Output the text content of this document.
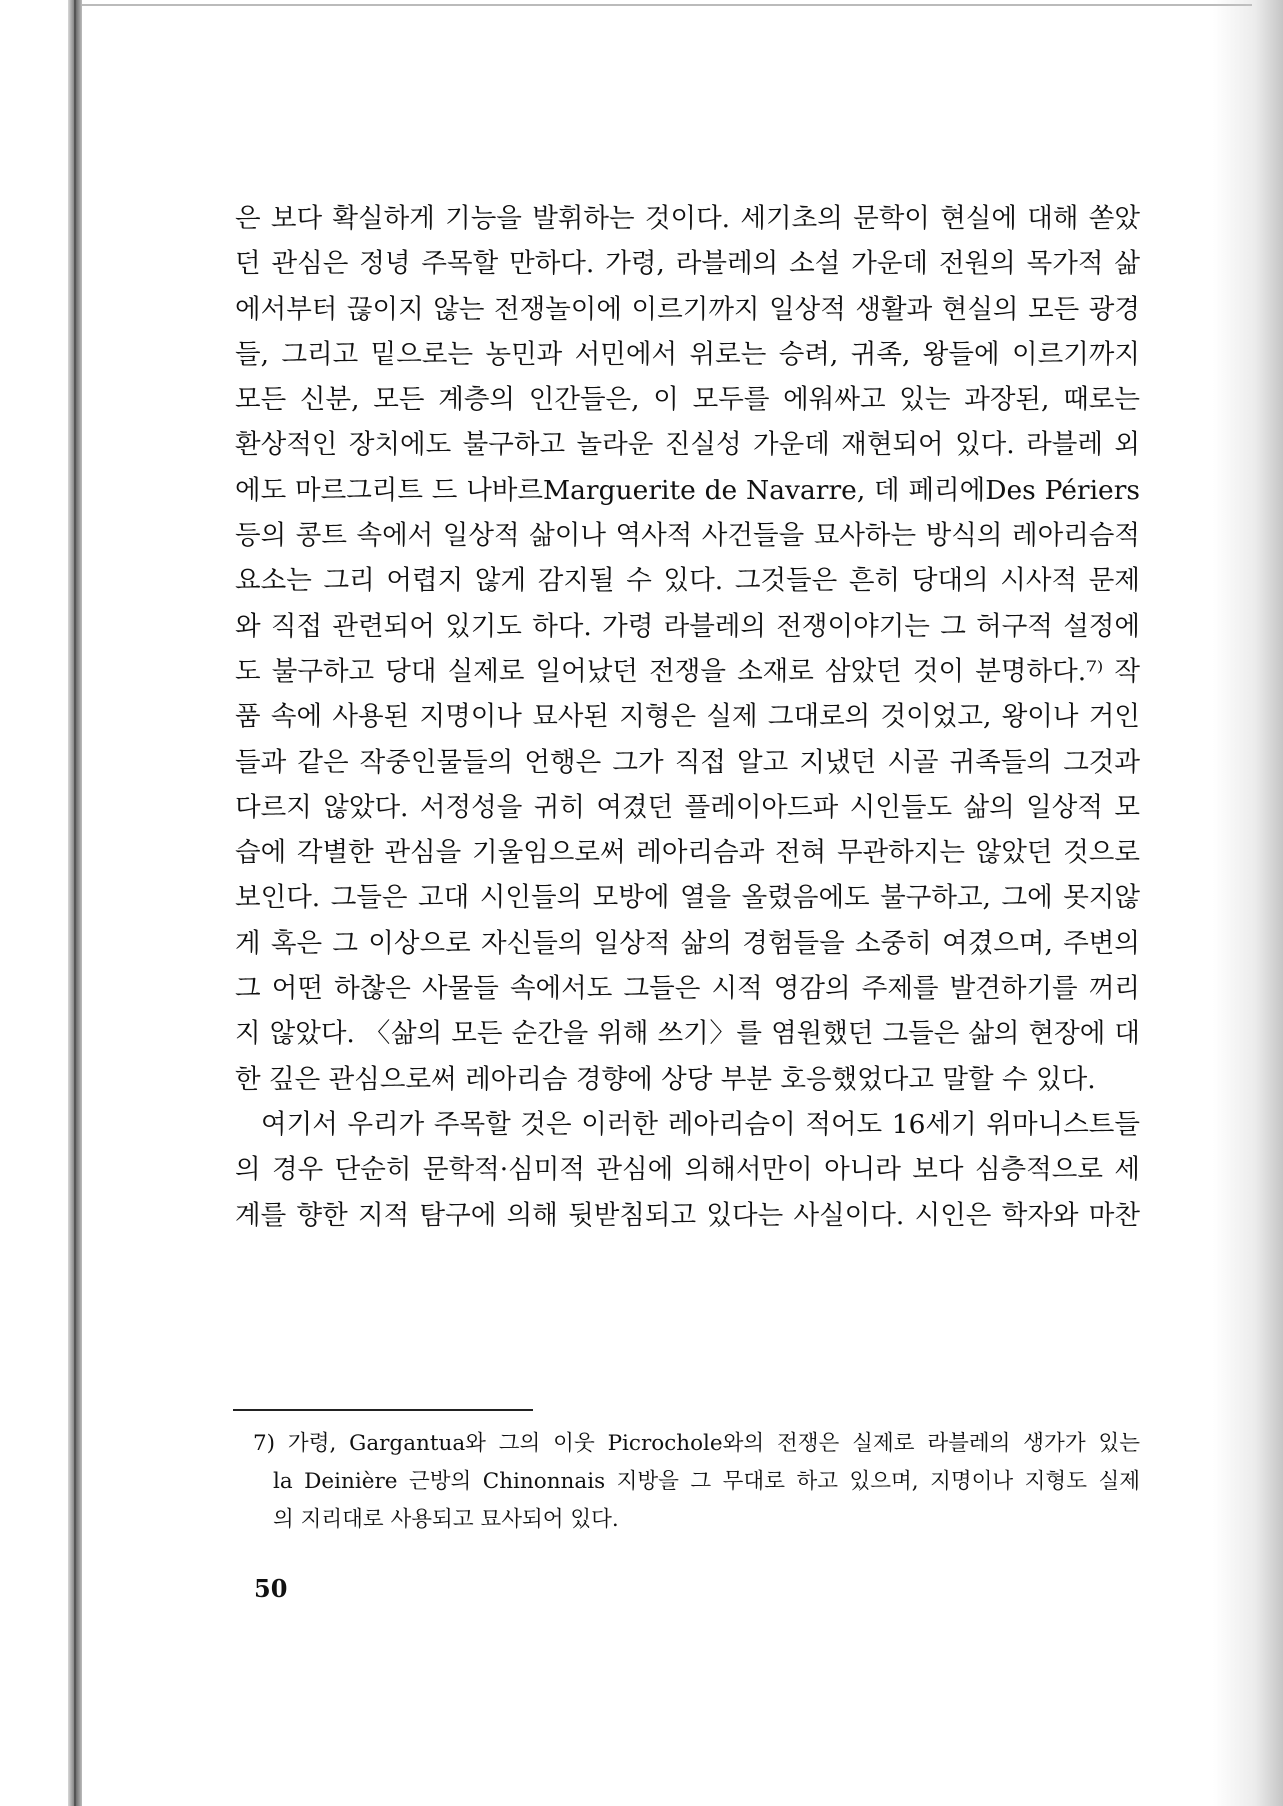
은 보다 확실하게 기능을 발휘하는 것이다. 세기초의 문학이 현실에 대해 쏟았
던 관심은 정녕 주목할 만하다. 가령, 라블레의 소설 가운데 전원의 목가적 삶
에서부터 끊이지 않는 전쟁놀이에 이르기까지 일상적 생활과 현실의 모든 광경
들, 그리고 밑으로는 농민과 서민에서 위로는 승려, 귀족, 왕들에 이르기까지
모든 신분, 모든 계층의 인간들은, 이 모두를 에워싸고 있는 과장된, 때로는
환상적인 장치에도 불구하고 놀라운 진실성 가운데 재현되어 있다. 라블레 외
에도 마르그리트 드 나바르Marguerite de Navarre, 데 페리에Des Périers
등의 콩트 속에서 일상적 삶이나 역사적 사건들을 묘사하는 방식의 레아리슴적
요소는 그리 어렵지 않게 감지될 수 있다. 그것들은 흔히 당대의 시사적 문제
와 직접 관련되어 있기도 하다. 가령 라블레의 전쟁이야기는 그 허구적 설정에
도 불구하고 당대 실제로 일어났던 전쟁을 소재로 삼았던 것이 분명하다.⁷⁾ 작
품 속에 사용된 지명이나 묘사된 지형은 실제 그대로의 것이었고, 왕이나 거인
들과 같은 작중인물들의 언행은 그가 직접 알고 지냈던 시골 귀족들의 그것과
다르지 않았다. 서정성을 귀히 여겼던 플레이아드파 시인들도 삶의 일상적 모
습에 각별한 관심을 기울임으로써 레아리슴과 전혀 무관하지는 않았던 것으로
보인다. 그들은 고대 시인들의 모방에 열을 올렸음에도 불구하고, 그에 못지않
게 혹은 그 이상으로 자신들의 일상적 삶의 경험들을 소중히 여겼으며, 주변의
그 어떤 하찮은 사물들 속에서도 그들은 시적 영감의 주제를 발견하기를 꺼리
지 않았다. 〈삶의 모든 순간을 위해 쓰기〉를 염원했던 그들은 삶의 현장에 대
한 깊은 관심으로써 레아리슴 경향에 상당 부분 호응했었다고 말할 수 있다.
여기서 우리가 주목할 것은 이러한 레아리슴이 적어도 16세기 위마니스트들
의 경우 단순히 문학적·심미적 관심에 의해서만이 아니라 보다 심층적으로 세
계를 향한 지적 탐구에 의해 뒷받침되고 있다는 사실이다. 시인은 학자와 마찬
7) 가령, Gargantua와 그의 이웃 Picrochole와의 전쟁은 실제로 라블레의 생가가 있는
la Deinière 근방의 Chinonnais 지방을 그 무대로 하고 있으며, 지명이나 지형도 실제
의 지리대로 사용되고 묘사되어 있다.
50
